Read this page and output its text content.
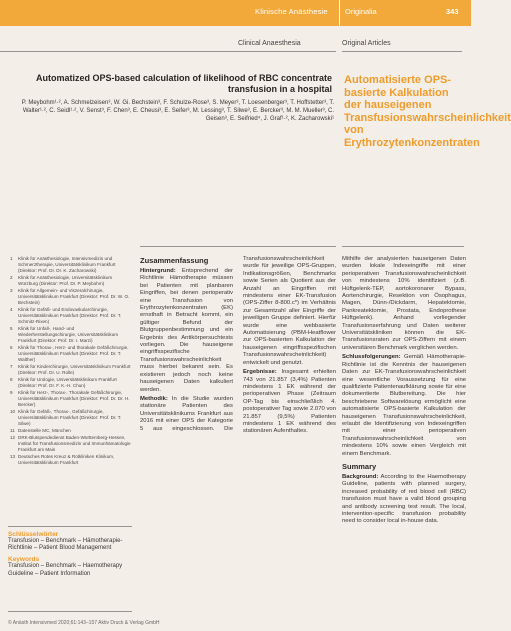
Klinische Anästhesie Originalia	343
Clinical Anaesthesia	Original Articles
Automatized OPS-based calculation of likelihood of RBC concentrate transfusion in a hospital
P. Meybohm¹·², A. Schmelzeisen³, W. Gi. Bechstein³, F. Schulze-Rose³, S. Meyer³, T. Loesenberger³, T. Hoffstetter³, T. Walter¹·², C. Seidl¹·², V. Senst³, F. Chen³, E. Cheusi³, E. Seifer³, M. Lessing³, T. Silwe³, E. Bercker³, M. M. Mueller³, C. Geisen³, E. Seifried⁴, J. Graf¹·², K. Zacharowski¹
Automatisierte OPS-basierte Kalkulation der hauseigenen Transfusionswahrscheinlichkeit von Erythrozytenkonzentraten
1	Klinik für Anästhesiologie, Intensivmedizin und Schmerztherapie, Universitätsklinikum Frankfurt (Direktor: Prof. Dr. Dr. K. Zacharowski)
2	Klinik für Anästhesiologie, Universitätsklinikum Würzburg (Direktor: Prof. Dr. P. Meybohm)
3	Klinik für Allgemein- und Viszeralchirurgie, Universitätsklinikum Frankfurt (Direktor: Prof. Dr. W. O. Bechstein)
4	Klinik für Gefäß- und Endovaskularchirurgie, Universitätsklinikum Frankfurt (Direktor: Prof. Dr. T. Schmitz-Rixen)
5	Klinik für Unfall-, Hand- und Wiederherstellungschirurgie, Universitätsklinikum Frankfurt (Direktor: Prof. Dr. I. Marzi)
6	Klinik für Thorax-, Herz- und thorakale Gefäßchirurgie, Universitätsklinikum Frankfurt (Direktor: Prof. Dr. T. Walther)
7	Klinik für Kinderchirurgie, Universitätsklinikum Frankfurt (Direktor: Prof. Dr. U. Rolle)
8	Klinik für Urologie, Universitätsklinikum Frankfurt (Direktor: Prof. Dr. F. K.-H. Chun)
9	Klinik für Herz-, Thorax-, Thorakale Gefäßchirurgie, Universitätsklinikum Frankfurt (Direktor: Prof. Dr. Dr. H. Bercker)
10 Klinik für Gefäß-, Thorax-, Gefäßchirurgie, Universitätsklinikum Frankfurt (Direktor: Prof. Dr. T. Silwe)
11 Datenstelle MC, München
12 DRK-Blutspendedienst Baden-Württemberg-Hessen, Institut für Transfusionsmedizin und Immunhämatologie Frankfurt am Main
13 Deutsches Rotes Kreuz & Rotkliniken Klinikum, Universitätsklinikum Frankfurt
Schlüsselwörter
Transfusion – Benchmark – Hämotherapie-Richtlinie – Patient Blood Management
Keywords
Transfusion – Benchmark – Haemotherapy Guideline – Patient Information
Zusammenfassung

Hintergrund: Entsprechend der Richtlinie Hämotherapie müssen bei Patienten mit planbaren Eingriffen, bei denen perioperativ eine Transfusion von Erythrozytenkonzentraten (EK) ernsthaft in Betracht kommt, ein gültiger Befund der Blutgruppenbestimmung und ein Ergebnis des Antikörpersuchtests vorliegen. Die hauseigene eingriffsspezifische Transfusionswahrscheinlichkeit muss hierbei bekannt sein. Es existieren jedoch noch keine hauseigenen Daten kalkuliert werden.

Methodik: In die Studie wurden stationäre Patienten des Universitätsklinikums Frankfurt aus 2016 mit einer OPS der Kategorie 5 aus eingeschlossen. Die Transfusionswahrscheinlichkeit wurde für jeweilige OPS-Gruppen, Indikationsgrößen, Benchmarks sowie Serien als Quotient aus der Anzahl an Eingriffen mit mindestens einer EK-Transfusion (OPS-Ziffer 8-800.c*) im Verhältnis zur Gesamtzahl aller Eingriffe der jeweiligen Gruppe definiert. Hierfür wurde eine webbasierte Automatisierung (PBM-Heatflower zur OPS-basierten Kalkulation der hauseigenen eingriffsspezifischen Transfusionswahrscheinlichkeit) entwickelt und genutzt.

Ergebnisse: Insgesamt erhielten 743 von 21.857 (3,4%) Patienten mindestens 1 EK während der perioperativen Phase (Zeitraum OP-Tag bis einschließlich 4. postoperativer Tag sowie 2.070 von 21.857 (9,5%) Patienten mindestens 1 EK während des stationären Aufenthaltes.

Mithilfe der analysierten hauseigenen Daten wurden lokale Indexeingriffe mit einer perioperativen Transfusionswahrscheinlichkeit von mindestens 10% identifiziert (z.B. Hüftgelenk-TEP, aortokoronarer Bypass, Aortenchirurgie, Resektion von Ösophagus, Magen, Dünn-/Dickdarm, Hepatektomie, Pankreatektomie, Prostata, Endoprothese Hüftgelenk). Anhand vorliegender Transfusionserfahrung und Daten weiterer Universitätskliniken können die EK-Transfusionsraten zur OPS-Ziffern mit einem universitären Benchmark verglichen werden.

Schlussfolgerungen: Gemäß Hämotherapie-Richtlinie ist die Kenntnis der hauseigenen Daten zur EK-Transfusionswahrscheinlichkeit eine wesentliche Voraussetzung für eine qualifizierte Patientenaufklärung sowie für eine dokumentierte Blutbereitung. Die hier beschriebene Softwarelösung ermöglicht eine automatisierte OPS-basierte Kalkulation der hauseigenen Transfusionswahrscheinlichkeit, erlaubt die Identifizierung von Indexeingriffen mit einer perioperativen Transfusionswahrscheinlichkeit von mindestens 10% sowie einen Vergleich mit einem Benchmark.

Summary

Background: According to the Haemotherapy Guideline, patients with planned surgery, increased probability of red blood cell (RBC) transfusion must have a valid blood grouping and antibody screening test result. The local, intervention-specific transfusion probability need to consider local in-house data.

© Anästh Intensivmed 2020;61:143–157 Aktiv Druck & Verlag GmbH
